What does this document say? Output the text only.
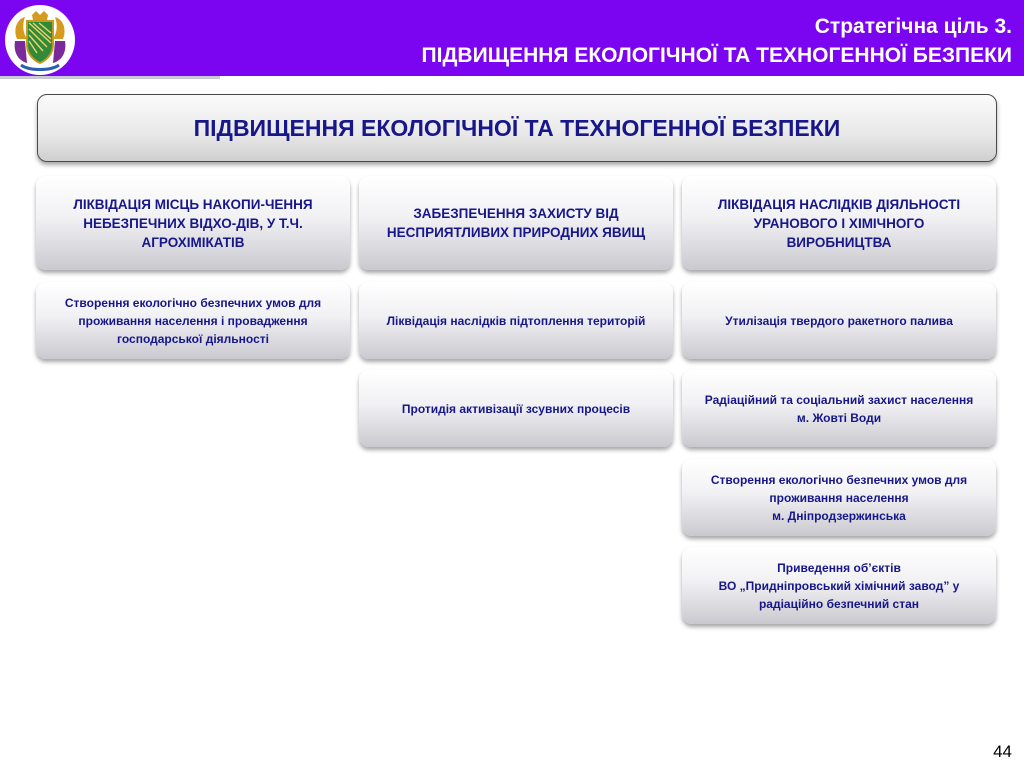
Стратегічна ціль 3.
ПІДВИЩЕННЯ ЕКОЛОГІЧНОЇ ТА ТЕХНОГЕННОЇ БЕЗПЕКИ
ПІДВИЩЕННЯ ЕКОЛОГІЧНОЇ ТА ТЕХНОГЕННОЇ БЕЗПЕКИ
ЛІКВІДАЦІЯ МІСЦЬ НАКОПИ-ЧЕННЯ НЕБЕЗПЕЧНИХ ВІДХО-ДІВ, У Т.Ч. АГРОХІМІКАТІВ
Створення екологічно безпечних умов для проживання населення і провадження господарської діяльності
ЗАБЕЗПЕЧЕННЯ ЗАХИСТУ ВІД НЕСПРИЯТЛИВИХ ПРИРОДНИХ ЯВИЩ
Ліквідація наслідків підтоплення територій
Протидія активізації зсувних процесів
ЛІКВІДАЦІЯ НАСЛІДКІВ ДІЯЛЬНОСТІ УРАНОВОГО І ХІМІЧНОГО ВИРОБНИЦТВА
Утилізація твердого ракетного палива
Радіаційний та соціальний захист населення м. Жовті Води
Створення екологічно безпечних умов для проживання населення
м. Дніпродзержинська
Приведення об’єктів
ВО „Придніпровський хімічний завод” у радіаційно безпечний стан
44
